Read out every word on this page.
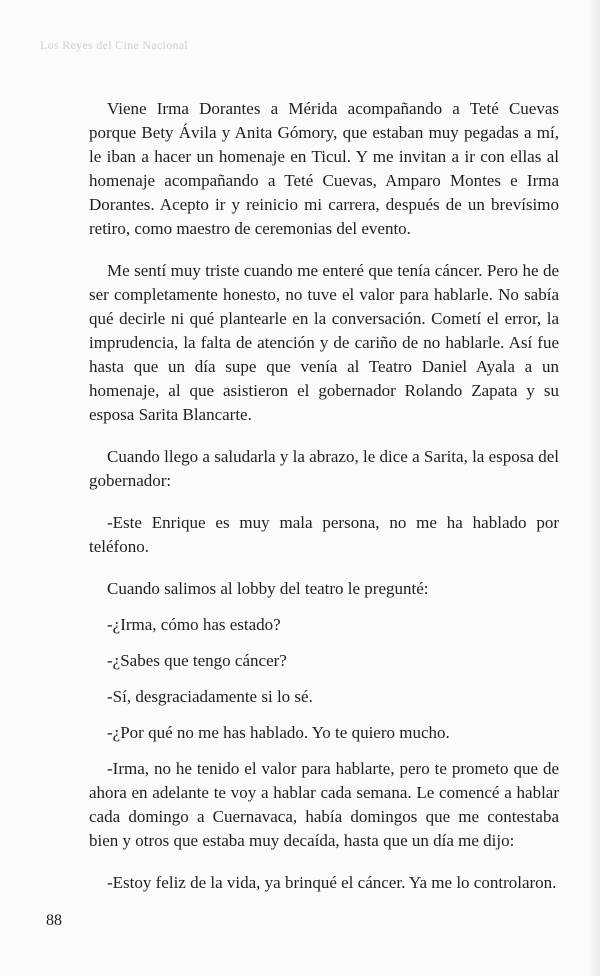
Los Reyes del Cine Nacional

Viene Irma Dorantes a Mérida acompañando a Teté Cuevas porque Bety Ávila y Anita Gómory, que estaban muy pegadas a mí, le iban a hacer un homenaje en Ticul. Y me invitan a ir con ellas al homenaje acompañando a Teté Cuevas, Amparo Montes e Irma Dorantes. Acepto ir y reinicio mi carrera, después de un brevísimo retiro, como maestro de ceremonias del evento.

Me sentí muy triste cuando me enteré que tenía cáncer. Pero he de ser completamente honesto, no tuve el valor para hablarle. No sabía qué decirle ni qué plantearle en la conversación. Cometí el error, la imprudencia, la falta de atención y de cariño de no hablarle. Así fue hasta que un día supe que venía al Teatro Daniel Ayala a un homenaje, al que asistieron el gobernador Rolando Zapata y su esposa Sarita Blancarte.

Cuando llego a saludarla y la abrazo, le dice a Sarita, la esposa del gobernador:

-Este Enrique es muy mala persona, no me ha hablado por teléfono.

Cuando salimos al lobby del teatro le pregunté:

-¿Irma, cómo has estado?

-¿Sabes que tengo cáncer?

-Sí, desgraciadamente si lo sé.

-¿Por qué no me has hablado. Yo te quiero mucho.

-Irma, no he tenido el valor para hablarte, pero te prometo que de ahora en adelante te voy a hablar cada semana. Le comencé a hablar cada domingo a Cuernavaca, había domingos que me contestaba bien y otros que estaba muy decaída, hasta que un día me dijo:

-Estoy feliz de la vida, ya brinqué el cáncer. Ya me lo controlaron.

88
